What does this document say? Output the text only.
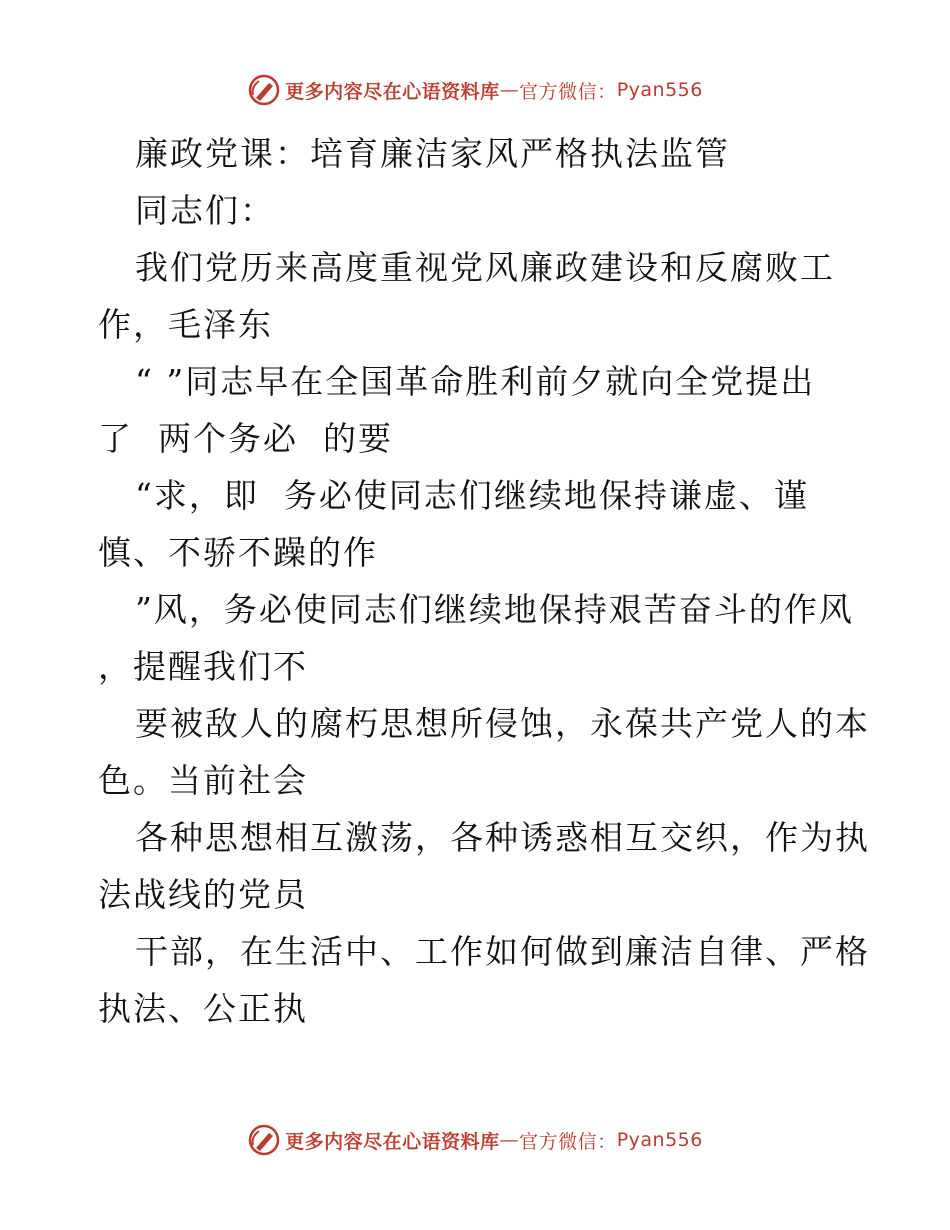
更多内容尽在心语资料库 — 官方微信： Pyan556
廉政党课：培育廉洁家风严格执法监管
同志们：
我们党历来高度重视党风廉政建设和反腐败工
作，毛泽东
“ ”同志早在全国革命胜利前夕就向全党提出
了  两个务必  的要
“求，即  务必使同志们继续地保持谦虚、谨
慎、不骄不躁的作
”风，务必使同志们继续地保持艰苦奋斗的作风
，提醒我们不
要被敌人的腐朽思想所侵蚀，永葆共产党人的本
色。当前社会
各种思想相互激荡，各种诱惑相互交织，作为执
法战线的党员
干部，在生活中、工作如何做到廉洁自律、严格
执法、公正执
更多内容尽在心语资料库 — 官方微信： Pyan556
